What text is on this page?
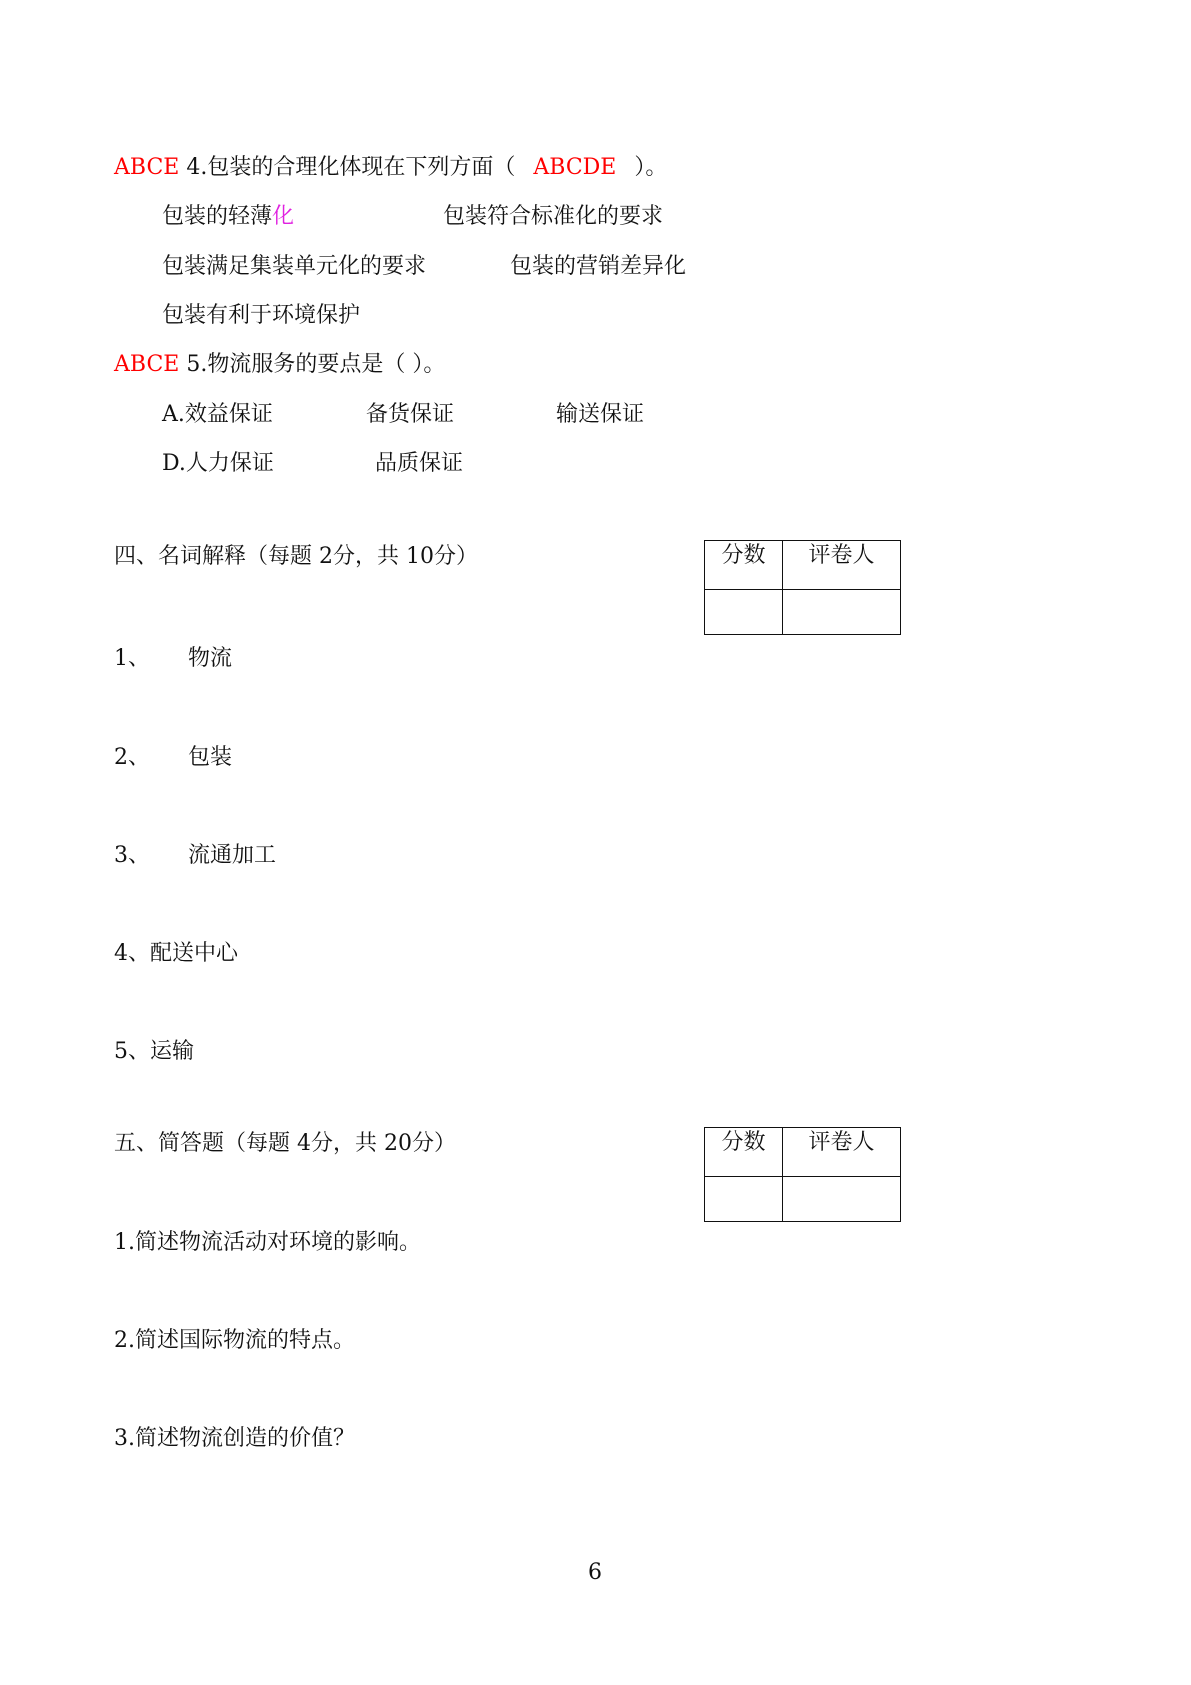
ABCE 4.包装的合理化体现在下列方面（ ABCDE ）。
包装的轻薄化	包装符合标准化的要求
包装满足集装单元化的要求	包装的营销差异化
包装有利于环境保护
ABCE 5.物流服务的要点是（ ）。
A.效益保证	备货保证	输送保证
D.人力保证	品质保证
四、名词解释（每题 2分，共 10分）	分数	评卷人

1、 物流
2、 包装
3、 流通加工
4、配送中心
5、运输
五、简答题（每题 4分，共 20分）	分数	评卷人

1.简述物流活动对环境的影响。
2.简述国际物流的特点。
3.简述物流创造的价值？
6
